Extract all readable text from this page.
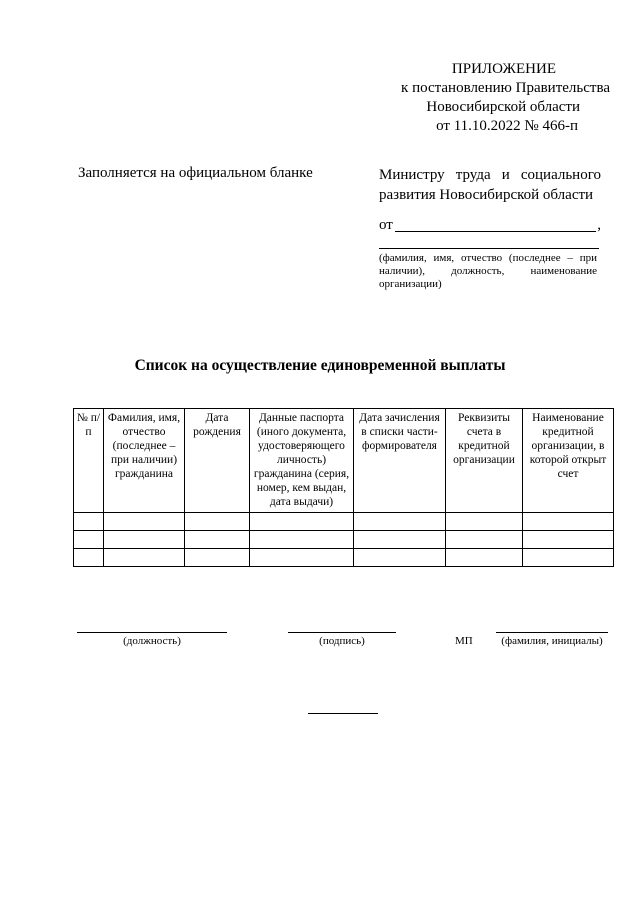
ПРИЛОЖЕНИЕ
к постановлению Правительства
Новосибирской области
от 11.10.2022 № 466-п
Заполняется на официальном бланке	Министру труда и социального
развития Новосибирской области
от	,
(фамилия, имя, отчество (последнее – при наличии), должность, наименование организации)
Список на осуществление единовременной выплаты
№ п/п	Фамилия, имя, отчество (последнее – при наличии) гражданина	Дата рождения	Данные паспорта (иного документа, удостоверяющего личность) гражданина (серия, номер, кем выдан, дата выдачи)	Дата зачисления в списки части-формирователя	Реквизиты счета в кредитной организации	Наименование кредитной организации, в которой открыт счет

(должность)	(подпись)	МП	(фамилия, инициалы)
